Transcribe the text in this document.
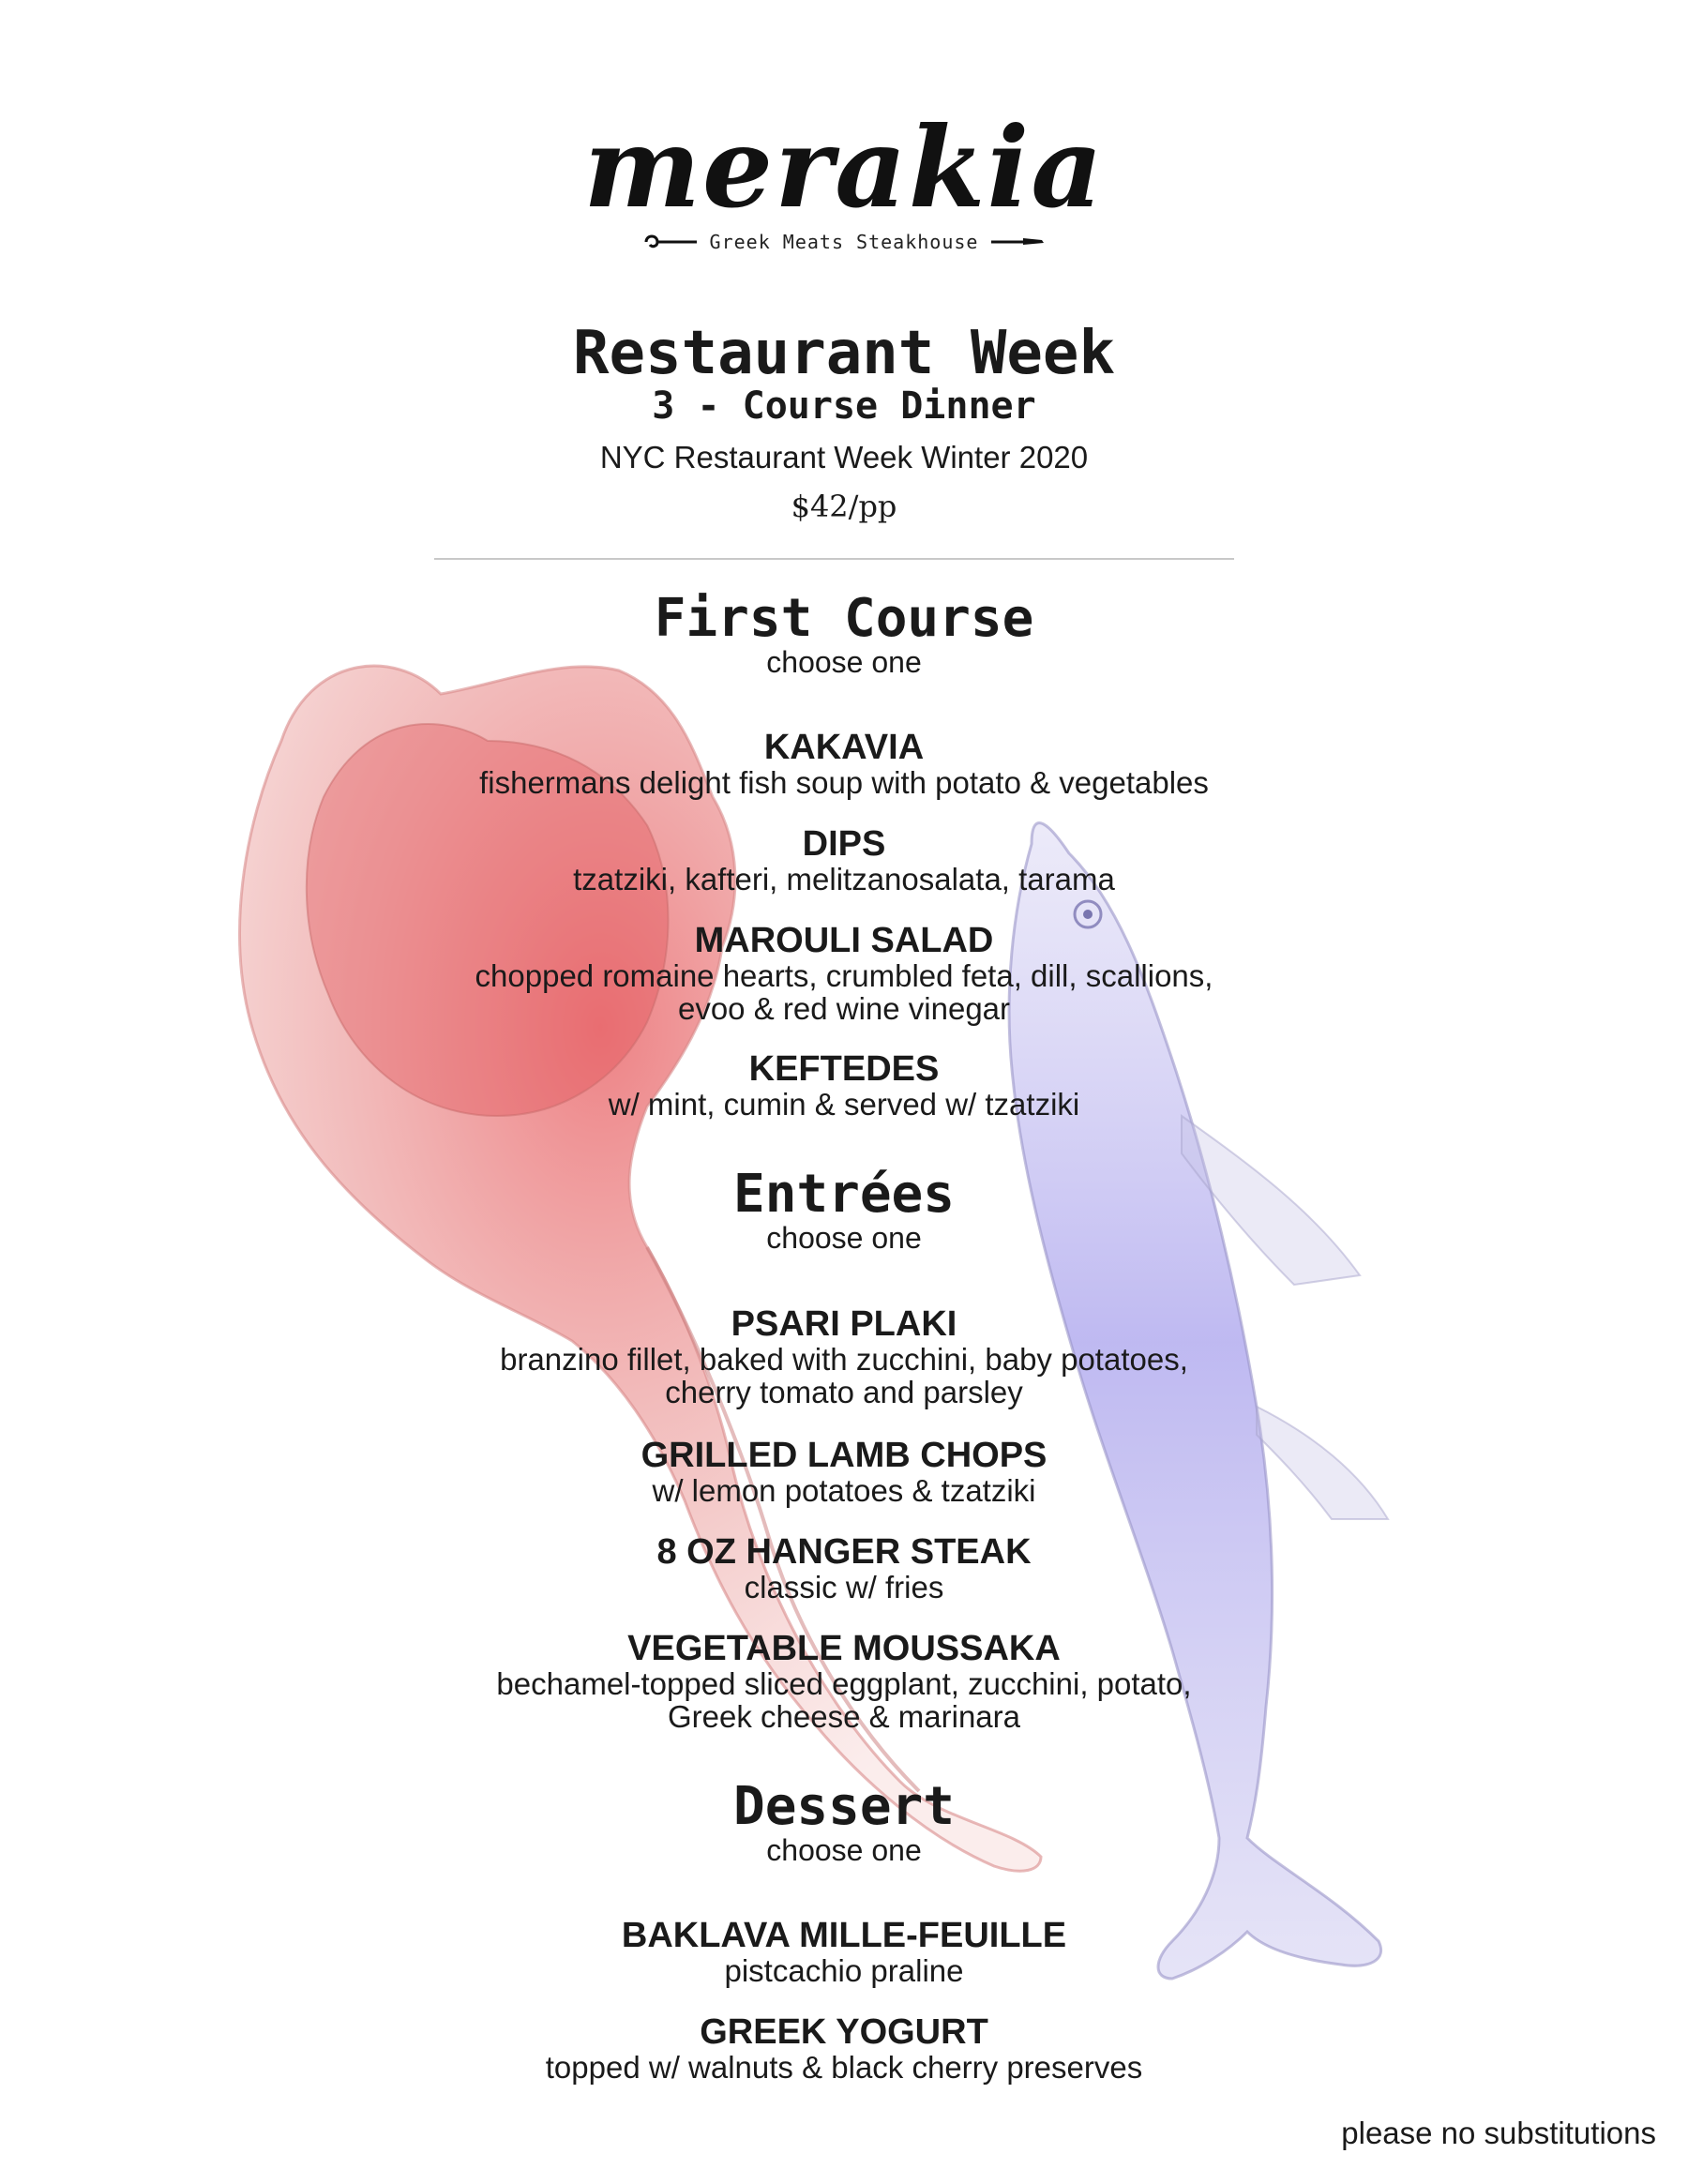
merakia
Greek Meats Steakhouse
Restaurant Week
3 - Course Dinner
NYC Restaurant Week Winter 2020
$42/pp
First Course
choose one
KAKAVIA
fishermans delight fish soup with potato & vegetables
DIPS
tzatziki, kafteri, melitzanosalata, tarama
MAROULI SALAD
chopped romaine hearts, crumbled feta, dill, scallions,
evoo & red wine vinegar
KEFTEDES
w/ mint, cumin & served w/ tzatziki
Entrées
choose one
PSARI PLAKI
branzino fillet, baked with zucchini, baby potatoes,
cherry tomato and parsley
GRILLED LAMB CHOPS
w/ lemon potatoes & tzatziki
8 OZ HANGER STEAK
classic w/ fries
VEGETABLE MOUSSAKA
bechamel-topped sliced eggplant, zucchini, potato,
Greek cheese & marinara
Dessert
choose one
BAKLAVA MILLE-FEUILLE
pistcachio praline
GREEK YOGURT
topped w/ walnuts & black cherry preserves
please no substitutions
